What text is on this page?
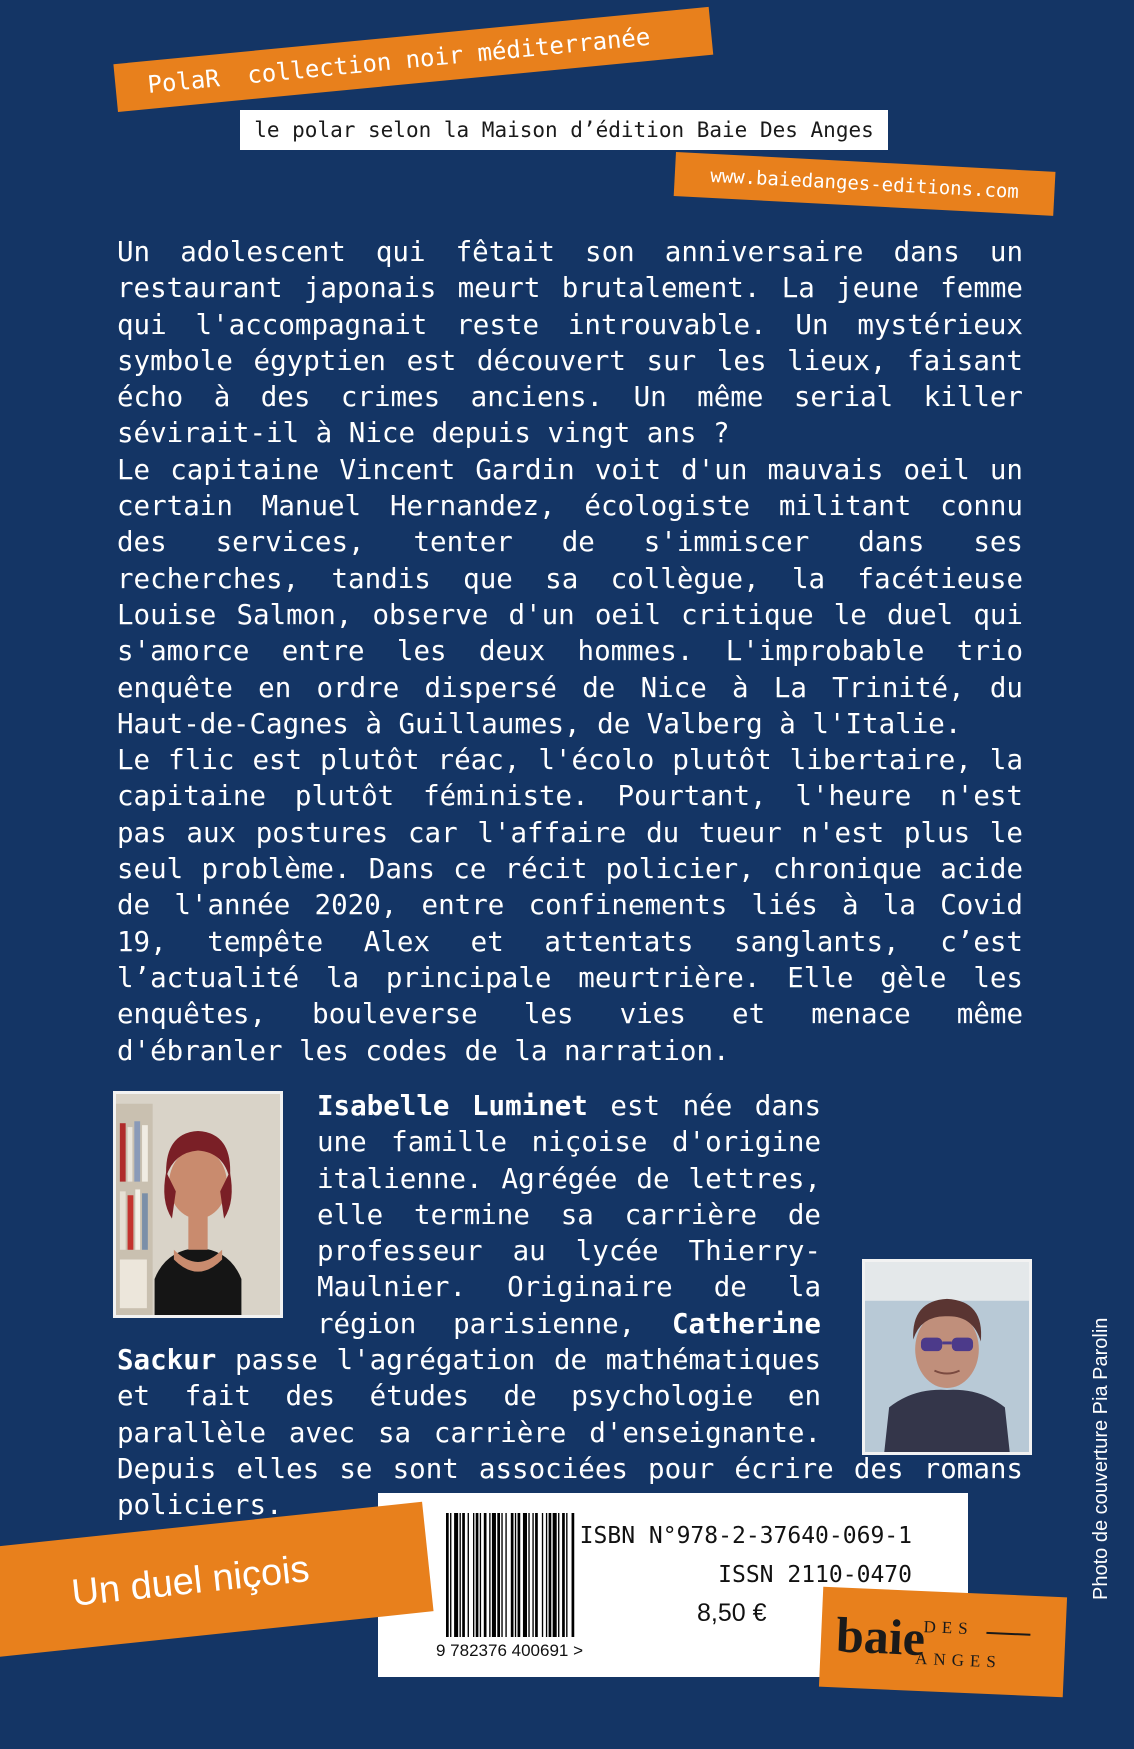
PolaR collection noir méditerranée
le polar selon la Maison d’édition Baie Des Anges
www.baiedanges-editions.com

Un adolescent qui fêtait son anniversaire dans un restaurant japonais meurt brutalement. La jeune femme qui l'accompagnait reste introuvable. Un mystérieux symbole égyptien est découvert sur les lieux, faisant écho à des crimes anciens. Un même serial killer sévirait-il à Nice depuis vingt ans ?

Le capitaine Vincent Gardin voit d'un mauvais oeil un certain Manuel Hernandez, écologiste militant connu des services, tenter de s'immiscer dans ses recherches, tandis que sa collègue, la facétieuse Louise Salmon, observe d'un oeil critique le duel qui s'amorce entre les deux hommes. L'improbable trio enquête en ordre dispersé de Nice à La Trinité, du Haut-de-Cagnes à Guillaumes, de Valberg à l'Italie.

Le flic est plutôt réac, l'écolo plutôt libertaire, la capitaine plutôt féministe. Pourtant, l'heure n'est pas aux postures car l'affaire du tueur n'est plus le seul problème. Dans ce récit policier, chronique acide de l'année 2020, entre confinements liés à la Covid 19, tempête Alex et attentats sanglants, c’est l’actualité la principale meurtrière. Elle gèle les enquêtes, bouleverse les vies et menace même d'ébranler les codes de la narration.

Isabelle Luminet est née dans une famille niçoise d'origine italienne. Agrégée de lettres, elle termine sa carrière de professeur au lycée Thierry-Maulnier. Originaire de la région parisienne, Catherine Sackur passe l'agrégation de mathématiques et fait des études de psychologie en parallèle avec sa carrière d'enseignante. Depuis elles se sont associées pour écrire des romans policiers.	Photo de couverture Pia Parolin
9 782376 400691 >
ISBN N°978-2-37640-069-1
ISSN 2110-0470
8,50 €
Un duel niçois
baie
DES
ANGES
